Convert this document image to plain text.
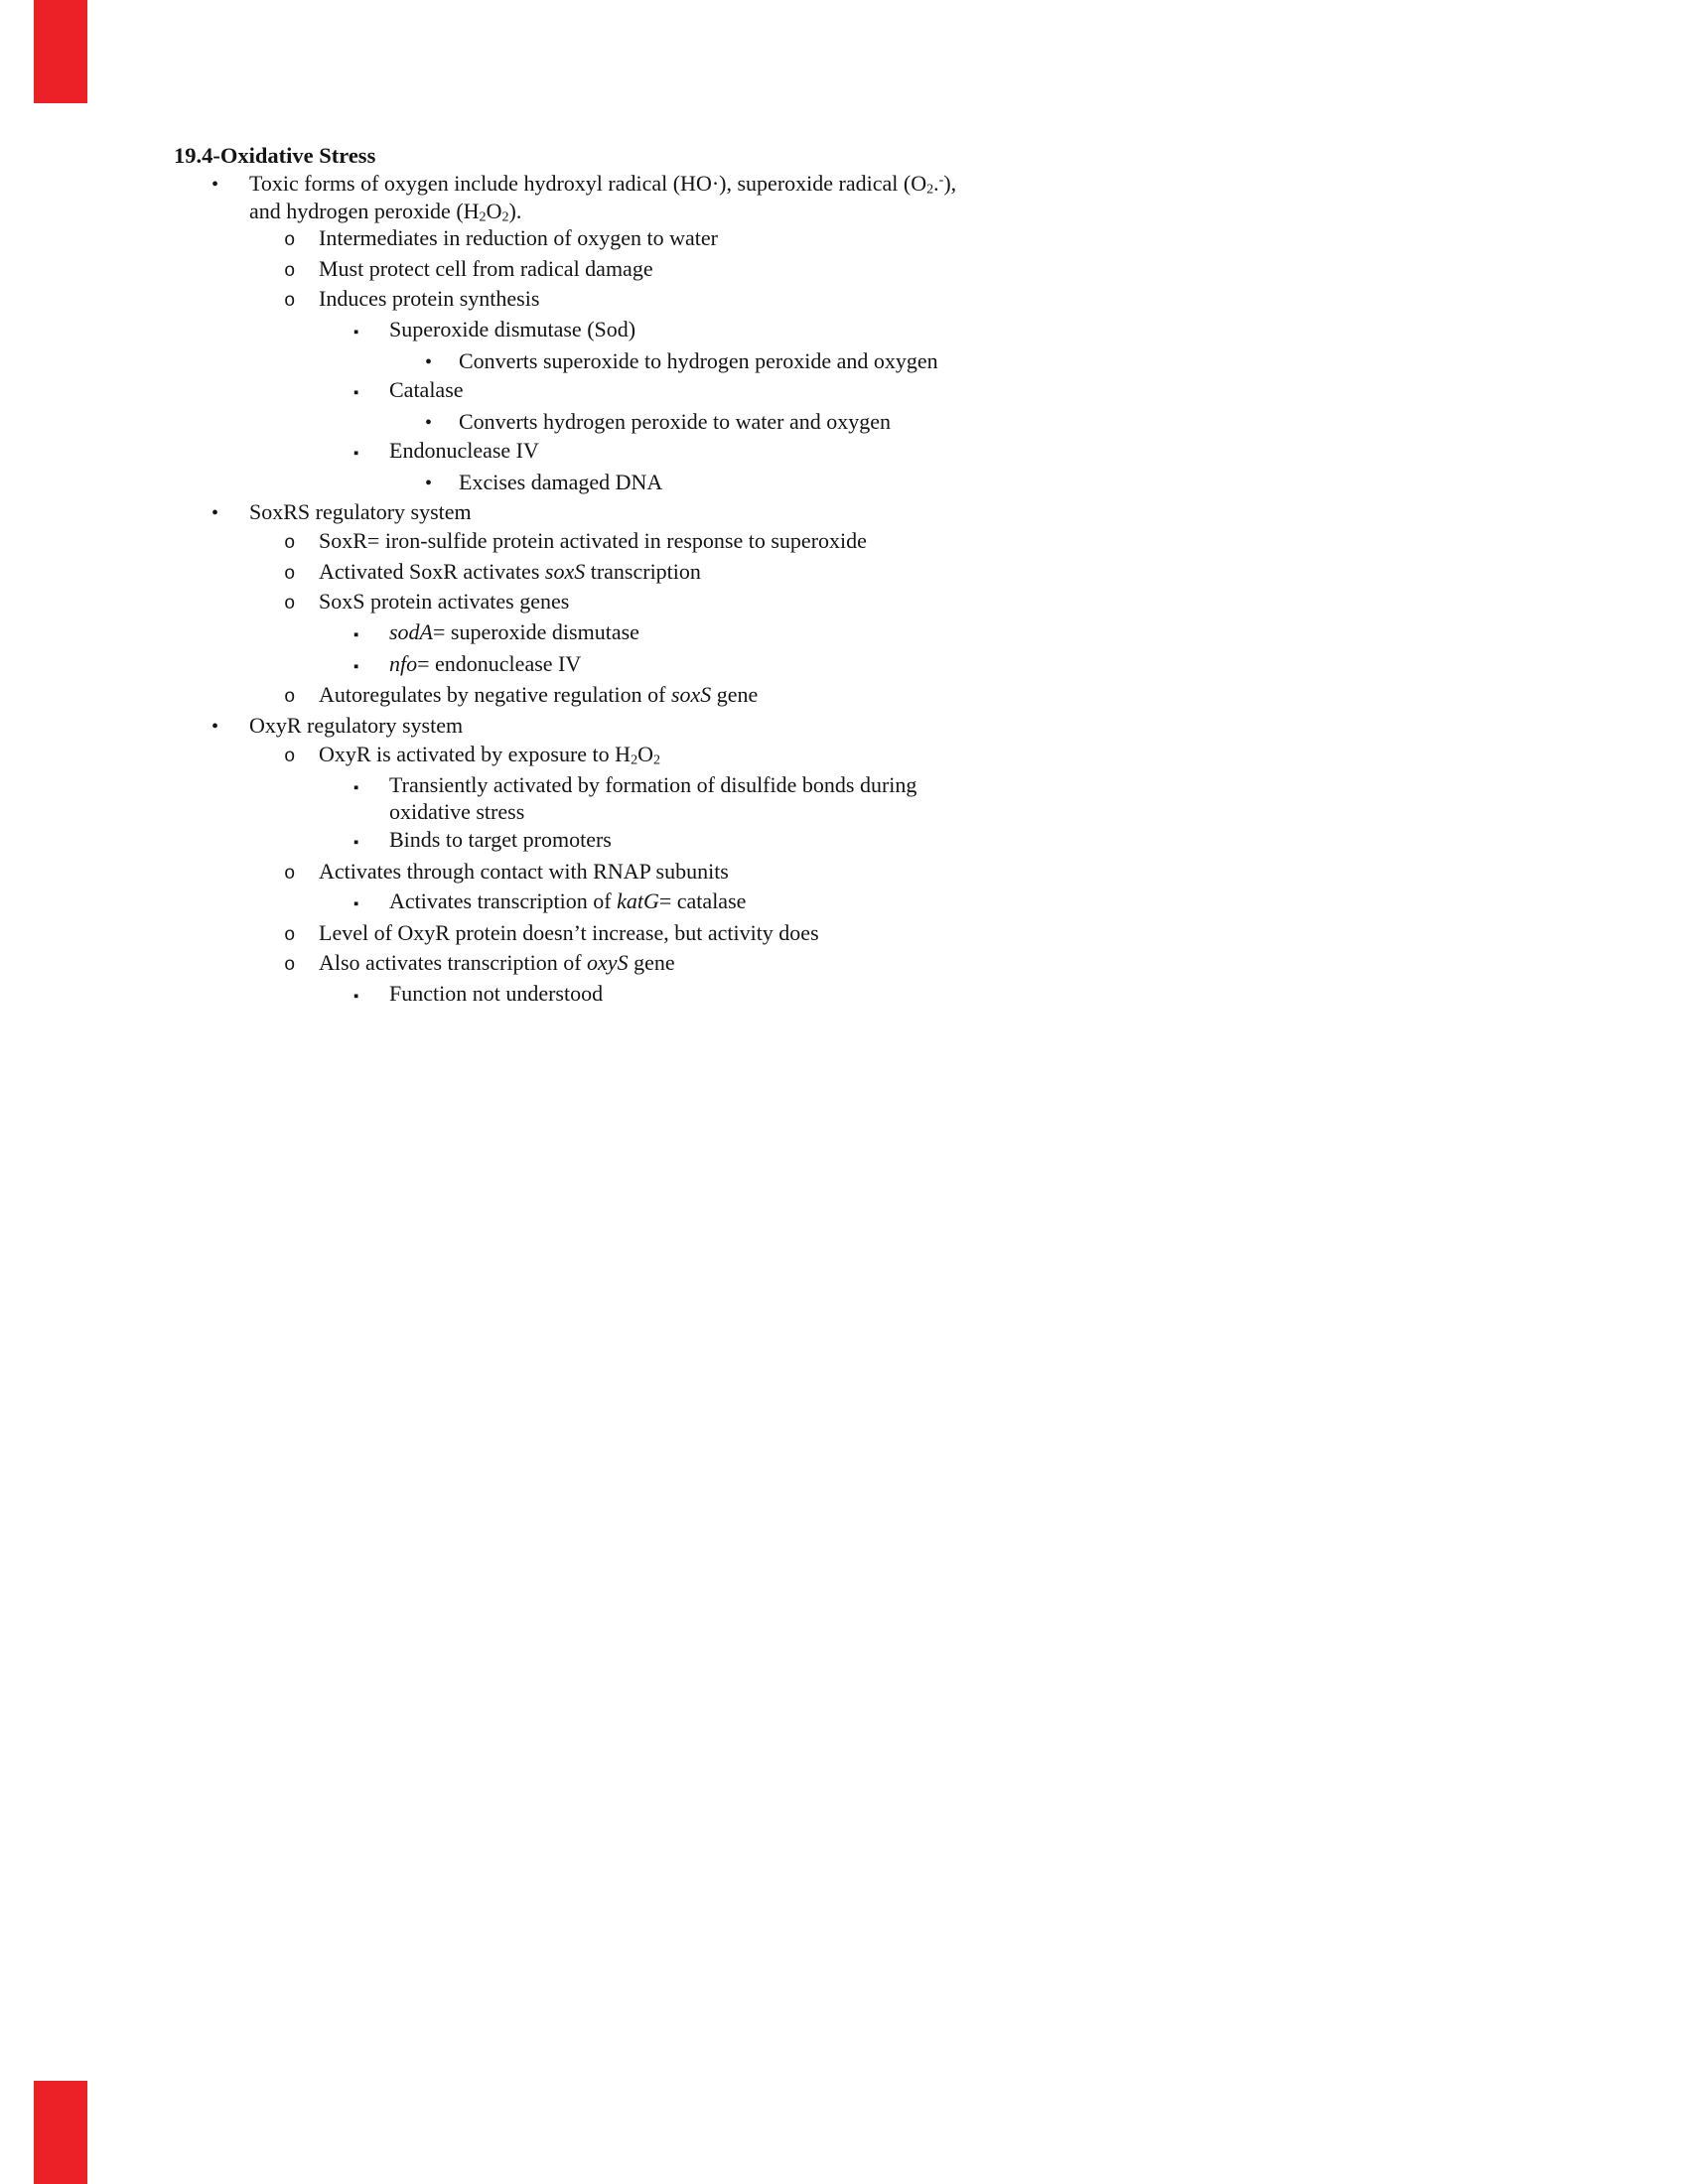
19.4-Oxidative Stress
•	Toxic forms of oxygen include hydroxyl radical (HO·), superoxide radical $(O_2.^-)$,
and hydrogen peroxide $(H_2O_2)$.
o	Intermediates in reduction of oxygen to water
o	Must protect cell from radical damage
o	Induces protein synthesis
▪	Superoxide dismutase (Sod)
•	Converts superoxide to hydrogen peroxide and oxygen
▪	Catalase
•	Converts hydrogen peroxide to water and oxygen
▪	Endonuclease IV
•	Excises damaged DNA
•	SoxRS regulatory system
o	SoxR= iron-sulfide protein activated in response to superoxide
o	Activated SoxR activates soxS transcription
o	SoxS protein activates genes
▪	sodA= superoxide dismutase
▪	nfo= endonuclease IV
o	Autoregulates by negative regulation of soxS gene
•	OxyR regulatory system
o	OxyR is activated by exposure to $H_2O_2$
▪	Transiently activated by formation of disulfide bonds during
oxidative stress
▪	Binds to target promoters
o	Activates through contact with RNAP subunits
▪	Activates transcription of katG= catalase
o	Level of OxyR protein doesn’t increase, but activity does
o	Also activates transcription of oxyS gene
▪	Function not understood
